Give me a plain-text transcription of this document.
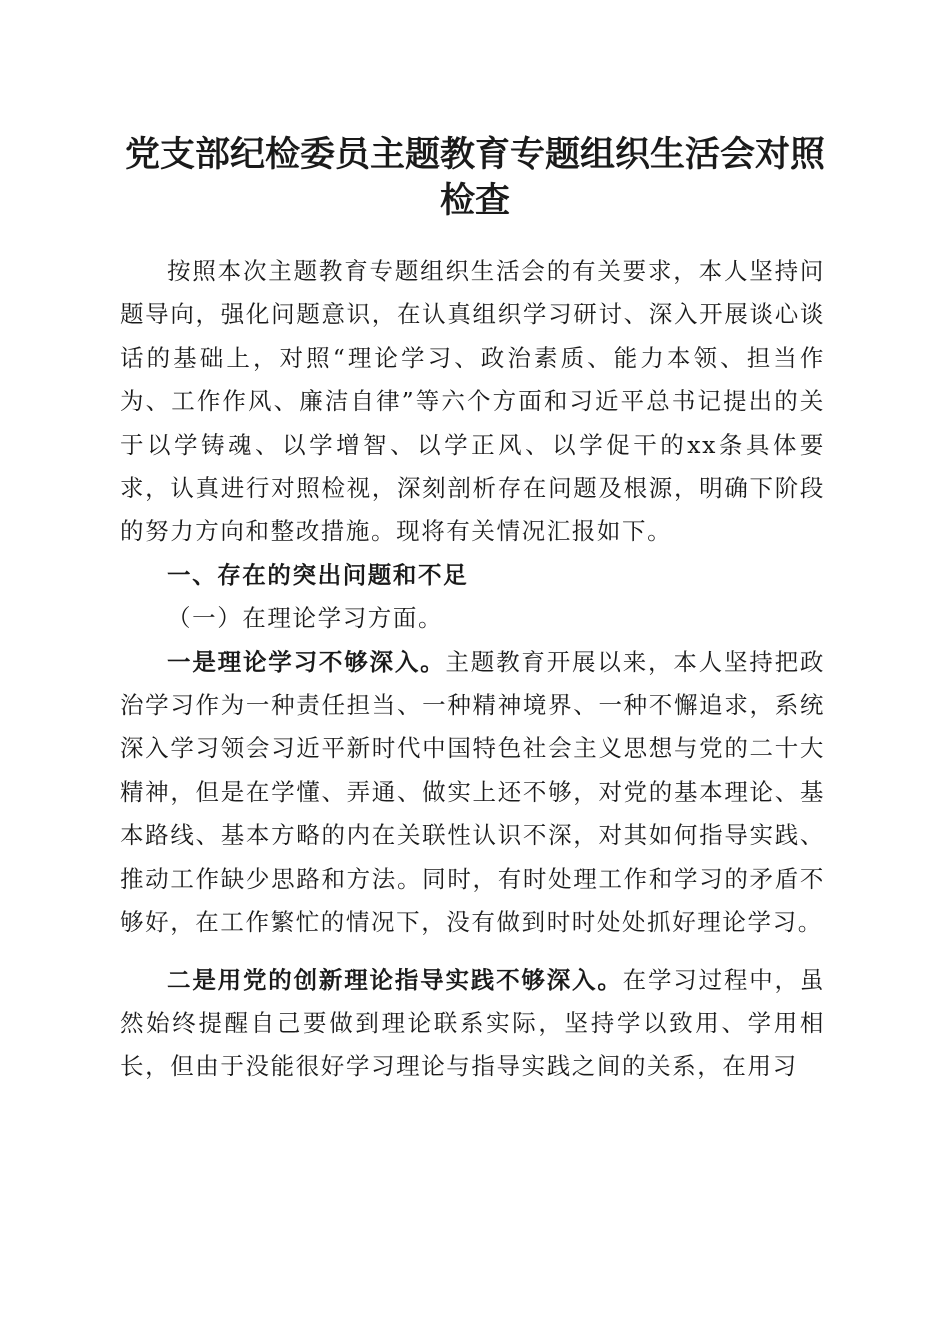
党支部纪检委员主题教育专题组织生活会对照检查

按照本次主题教育专题组织生活会的有关要求，本人坚持问题导向，强化问题意识，在认真组织学习研讨、深入开展谈心谈话的基础上，对照“理论学习、政治素质、能力本领、担当作为、工作作风、廉洁自律”等六个方面和习近平总书记提出的关于以学铸魂、以学增智、以学正风、以学促干的xx条具体要求，认真进行对照检视，深刻剖析存在问题及根源，明确下阶段的努力方向和整改措施。现将有关情况汇报如下。

一、存在的突出问题和不足

（一）在理论学习方面。

一是理论学习不够深入。主题教育开展以来，本人坚持把政治学习作为一种责任担当、一种精神境界、一种不懈追求，系统深入学习领会习近平新时代中国特色社会主义思想与党的二十大精神，但是在学懂、弄通、做实上还不够，对党的基本理论、基本路线、基本方略的内在关联性认识不深，对其如何指导实践、推动工作缺少思路和方法。同时，有时处理工作和学习的矛盾不够好，在工作繁忙的情况下，没有做到时时处处抓好理论学习。

二是用党的创新理论指导实践不够深入。在学习过程中，虽然始终提醒自己要做到理论联系实际，坚持学以致用、学用相长，但由于没能很好学习理论与指导实践之间的关系，在用习
